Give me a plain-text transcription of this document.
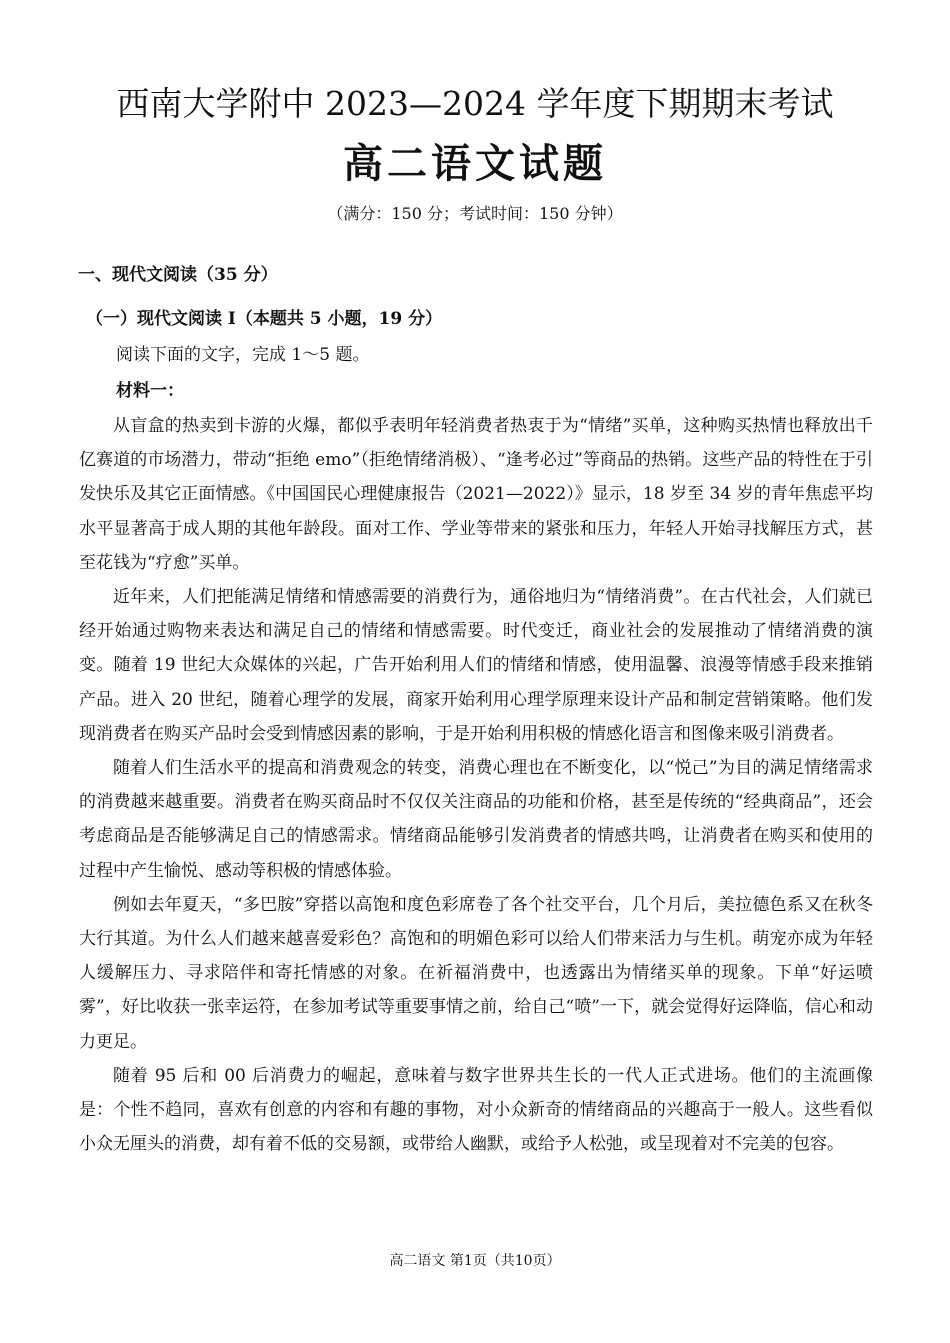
西南大学附中 2023—2024 学年度下期期末考试
高二语文试题
（满分：150 分；考试时间：150 分钟）
一、现代文阅读（35 分）
（一）现代文阅读 I（本题共 5 小题，19 分）
阅读下面的文字，完成 1～5 题。
材料一：

从盲盒的热卖到卡游的火爆，都似乎表明年轻消费者热衷于为“情绪”买单，这种购买热情也释放出千亿赛道的市场潜力，带动“拒绝 emo”（拒绝情绪消极）、“逢考必过”等商品的热销。这些产品的特性在于引发快乐及其它正面情感。《中国国民心理健康报告（2021—2022）》显示，18 岁至 34 岁的青年焦虑平均水平显著高于成人期的其他年龄段。面对工作、学业等带来的紧张和压力，年轻人开始寻找解压方式，甚至花钱为“疗愈”买单。

近年来，人们把能满足情绪和情感需要的消费行为，通俗地归为“情绪消费”。在古代社会，人们就已经开始通过购物来表达和满足自己的情绪和情感需要。时代变迁，商业社会的发展推动了情绪消费的演变。随着 19 世纪大众媒体的兴起，广告开始利用人们的情绪和情感，使用温馨、浪漫等情感手段来推销产品。进入 20 世纪，随着心理学的发展，商家开始利用心理学原理来设计产品和制定营销策略。他们发现消费者在购买产品时会受到情感因素的影响，于是开始利用积极的情感化语言和图像来吸引消费者。

随着人们生活水平的提高和消费观念的转变，消费心理也在不断变化，以“悦己”为目的满足情绪需求的消费越来越重要。消费者在购买商品时不仅仅关注商品的功能和价格，甚至是传统的“经典商品”，还会考虑商品是否能够满足自己的情感需求。情绪商品能够引发消费者的情感共鸣，让消费者在购买和使用的过程中产生愉悦、感动等积极的情感体验。

例如去年夏天，“多巴胺”穿搭以高饱和度色彩席卷了各个社交平台，几个月后，美拉德色系又在秋冬大行其道。为什么人们越来越喜爱彩色？高饱和的明媚色彩可以给人们带来活力与生机。萌宠亦成为年轻人缓解压力、寻求陪伴和寄托情感的对象。在祈福消费中，也透露出为情绪买单的现象。下单“好运喷雾”，好比收获一张幸运符，在参加考试等重要事情之前，给自己“喷”一下，就会觉得好运降临，信心和动力更足。

随着 95 后和 00 后消费力的崛起，意味着与数字世界共生长的一代人正式进场。他们的主流画像是：个性不趋同，喜欢有创意的内容和有趣的事物，对小众新奇的情绪商品的兴趣高于一般人。这些看似小众无厘头的消费，却有着不低的交易额，或带给人幽默，或给予人松弛，或呈现着对不完美的包容。

高二语文 第1页（共10页）
